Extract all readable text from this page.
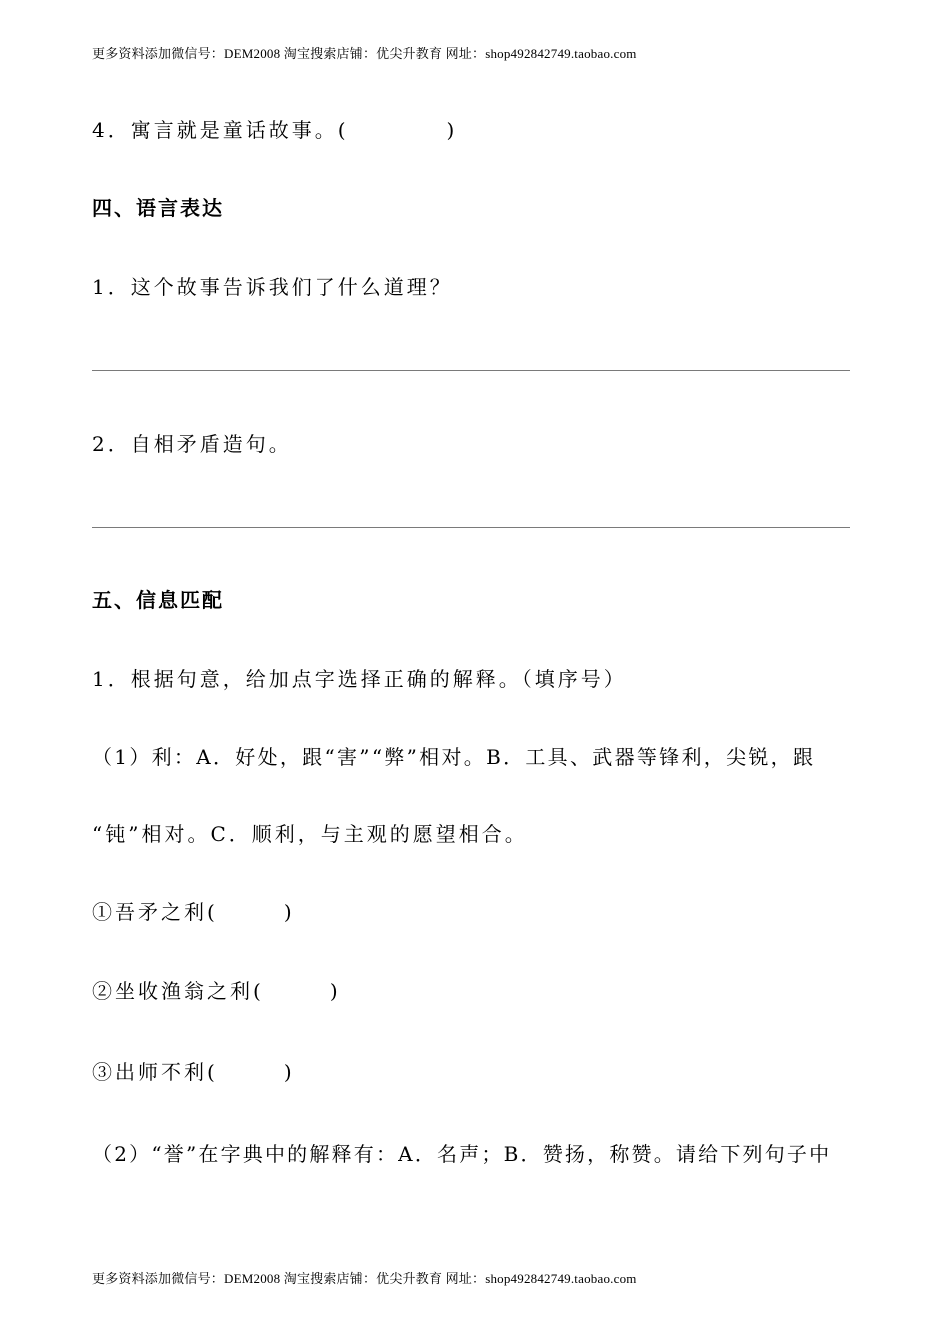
更多资料添加微信号：DEM2008 淘宝搜索店铺：优尖升教育 网址：shop492842749.taobao.com
4．寓言就是童话故事。(	)
四、语言表达
1．这个故事告诉我们了什么道理？
2．自相矛盾造句。
五、信息匹配
1．根据句意，给加点字选择正确的解释。（填序号）
（1）利：A．好处，跟“害”“弊”相对。B．工具、武器等锋利，尖锐，跟
“钝”相对。C．顺利，与主观的愿望相合。
①吾矛之利(	)
②坐收渔翁之利(	)
③出师不利(	)
（2）“誉”在字典中的解释有：A．名声；B．赞扬，称赞。请给下列句子中
更多资料添加微信号：DEM2008 淘宝搜索店铺：优尖升教育 网址：shop492842749.taobao.com
